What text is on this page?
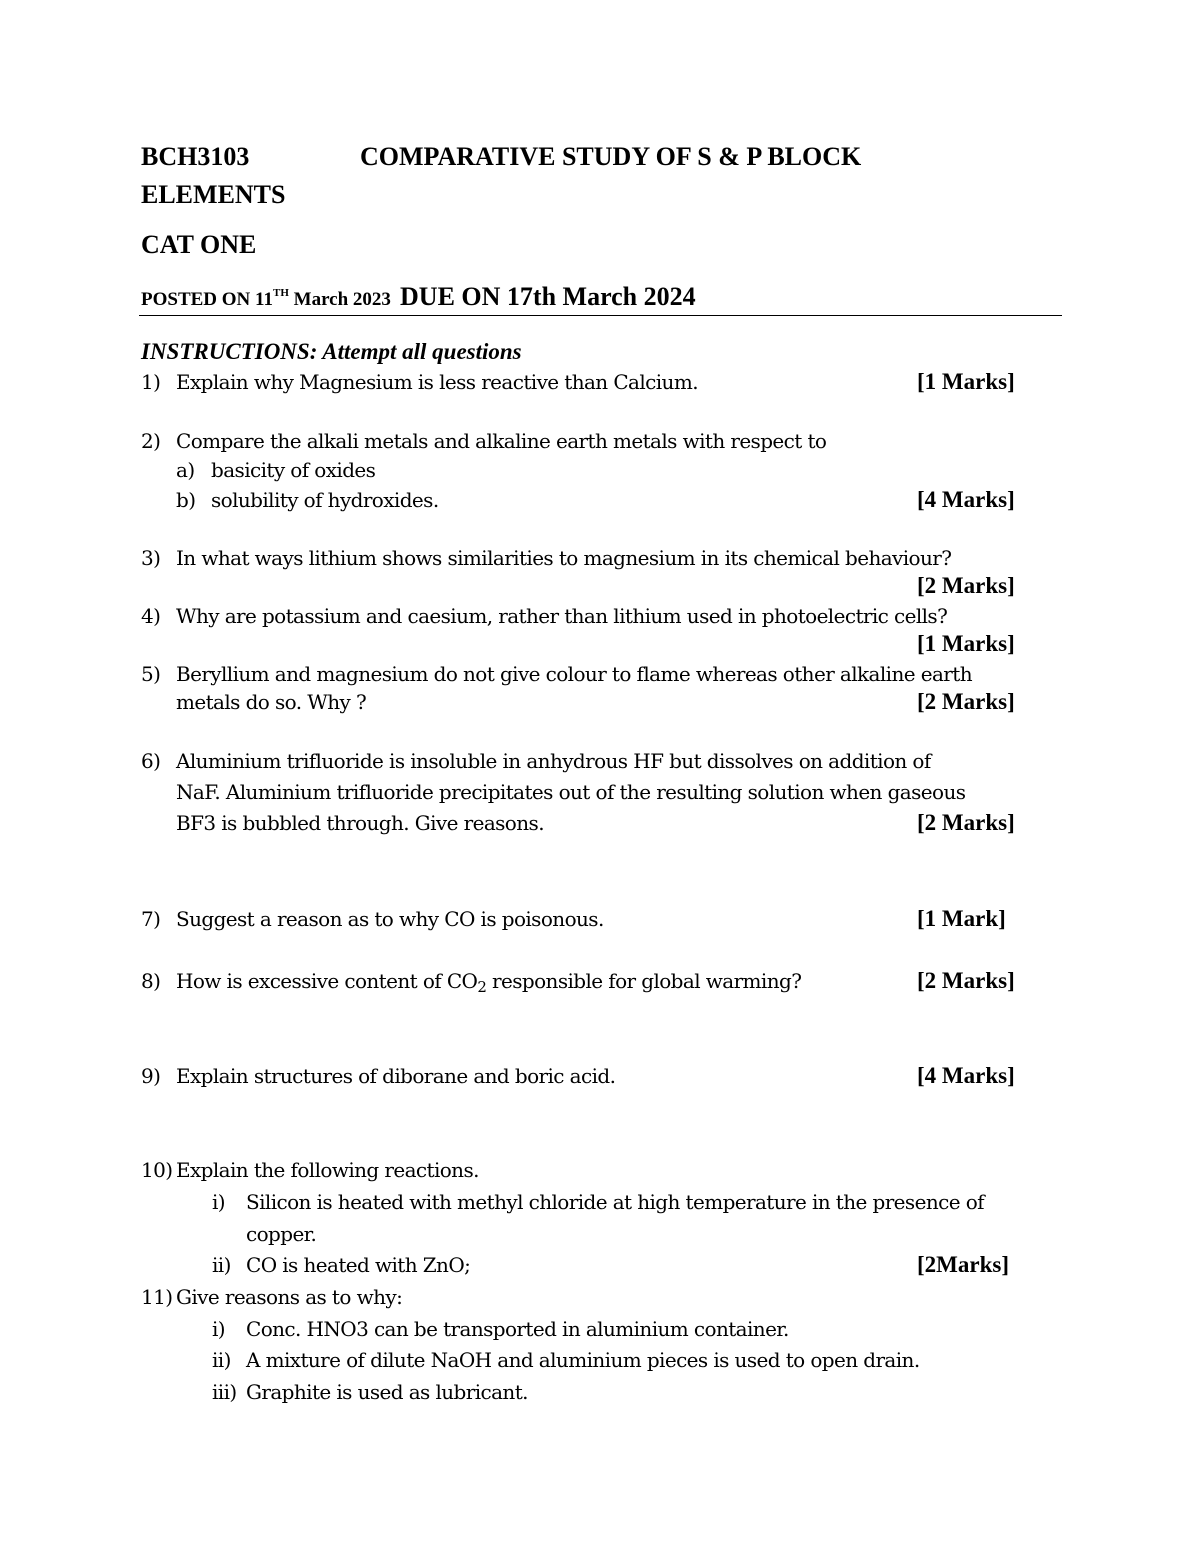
BCH3103	COMPARATIVE STUDY OF S & P BLOCK
ELEMENTS
CAT ONE
POSTED ON 11TH March 2023 DUE ON 17th March 2024
INSTRUCTIONS: Attempt all questions
1) Explain why Magnesium is less reactive than Calcium.	[1 Marks]
2) Compare the alkali metals and alkaline earth metals with respect to
a) basicity of oxides
b) solubility of hydroxides.	[4 Marks]
3) In what ways lithium shows similarities to magnesium in its chemical behaviour?
[2 Marks]
4) Why are potassium and caesium, rather than lithium used in photoelectric cells?
[1 Marks]
5) Beryllium and magnesium do not give colour to flame whereas other alkaline earth
metals do so. Why ?	[2 Marks]
6) Aluminium trifluoride is insoluble in anhydrous HF but dissolves on addition of
NaF. Aluminium trifluoride precipitates out of the resulting solution when gaseous
BF3 is bubbled through. Give reasons.	[2 Marks]
7) Suggest a reason as to why CO is poisonous.	[1 Mark]
8) How is excessive content of $CO_2$ responsible for global warming?	[2 Marks]
9) Explain structures of diborane and boric acid.	[4 Marks]
10) Explain the following reactions.
i) Silicon is heated with methyl chloride at high temperature in the presence of
copper.
ii) CO is heated with ZnO;	[2Marks]
11) Give reasons as to why:
i) Conc. HNO3 can be transported in aluminium container.
ii) A mixture of dilute NaOH and aluminium pieces is used to open drain.
iii) Graphite is used as lubricant.
